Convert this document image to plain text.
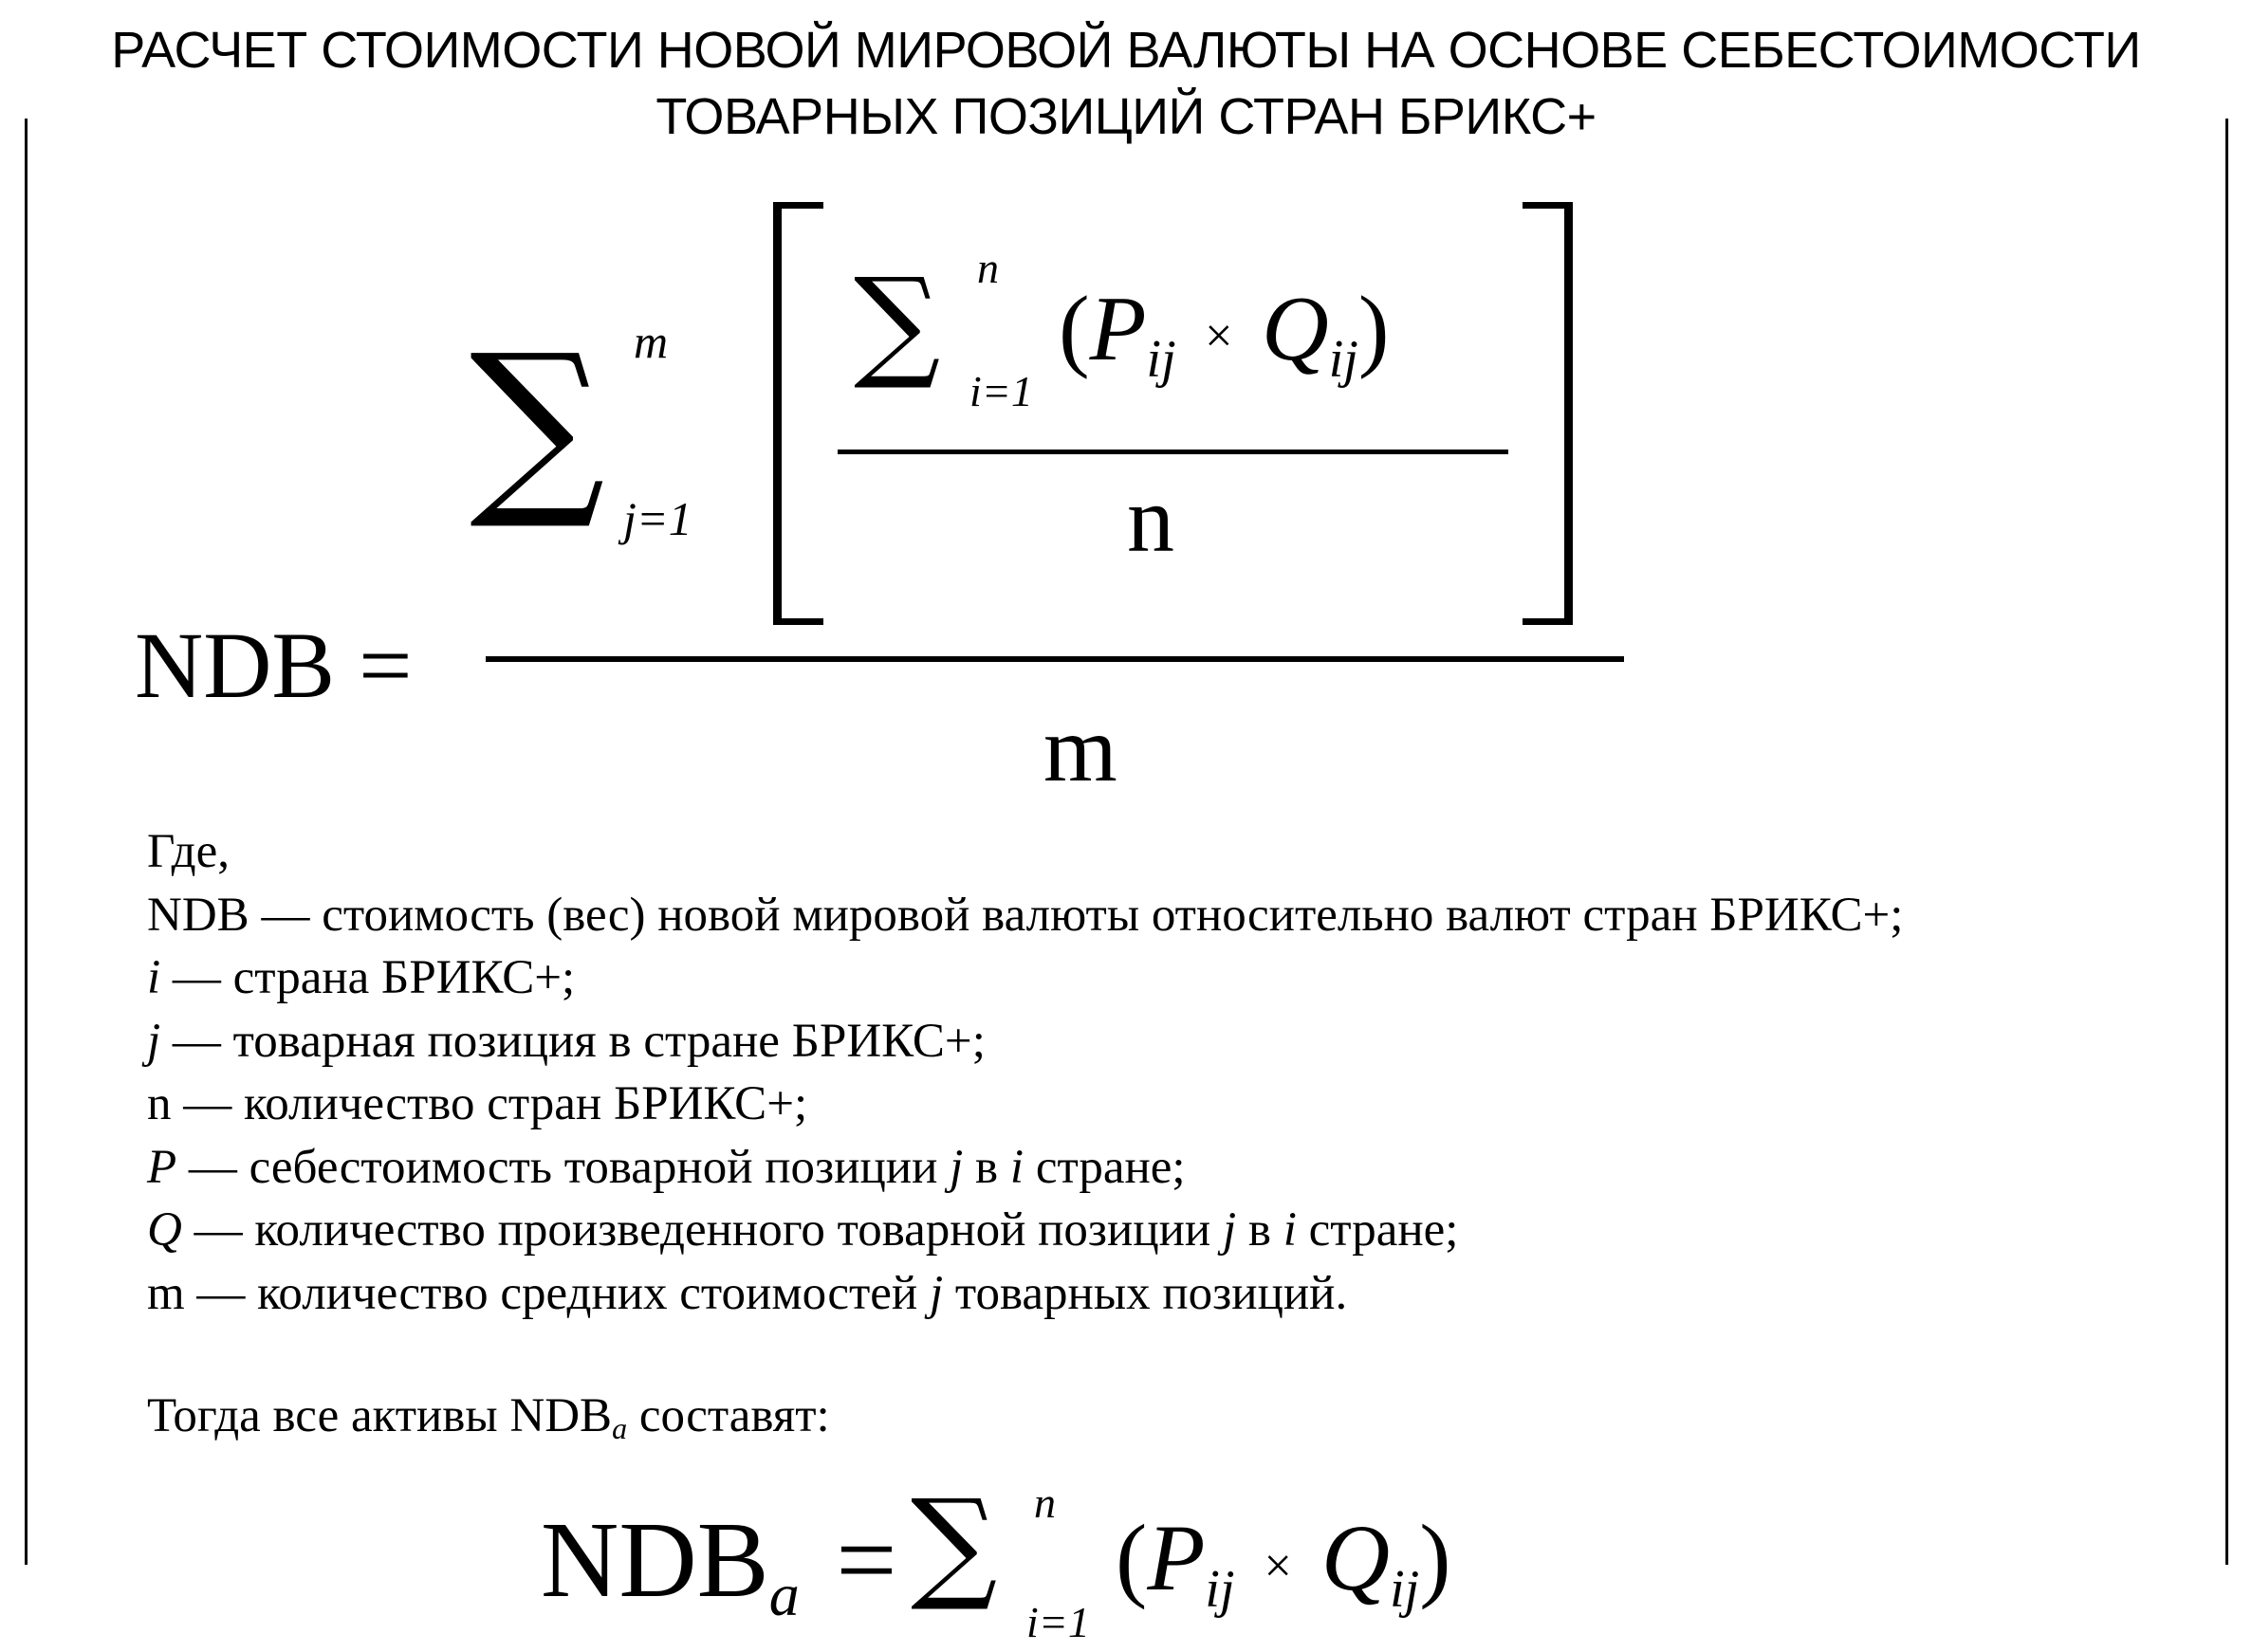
РАСЧЕТ СТОИМОСТИ НОВОЙ МИРОВОЙ ВАЛЮТЫ НА ОСНОВЕ СЕБЕСТОИМОСТИ
ТОВАРНЫХ ПОЗИЦИЙ СТРАН БРИКС+
NDB =
m
∑ m
j=1
∑ n
i=1
(Pij × Qij)
n
Где,
NDB — стоимость (вес) новой мировой валюты относительно валют стран БРИКС+;
i — страна БРИКС+;
j — товарная позиция в стране БРИКС+;
n — количество стран БРИКС+;
P — себестоимость товарной позиции j в i стране;
Q — количество произведенного товарной позиции j в i стране;
m — количество средних стоимостей j товарных позиций.
Тогда все активы NDBa составят:
NDBa = ∑ n
i=1
(Pij × Qij)
